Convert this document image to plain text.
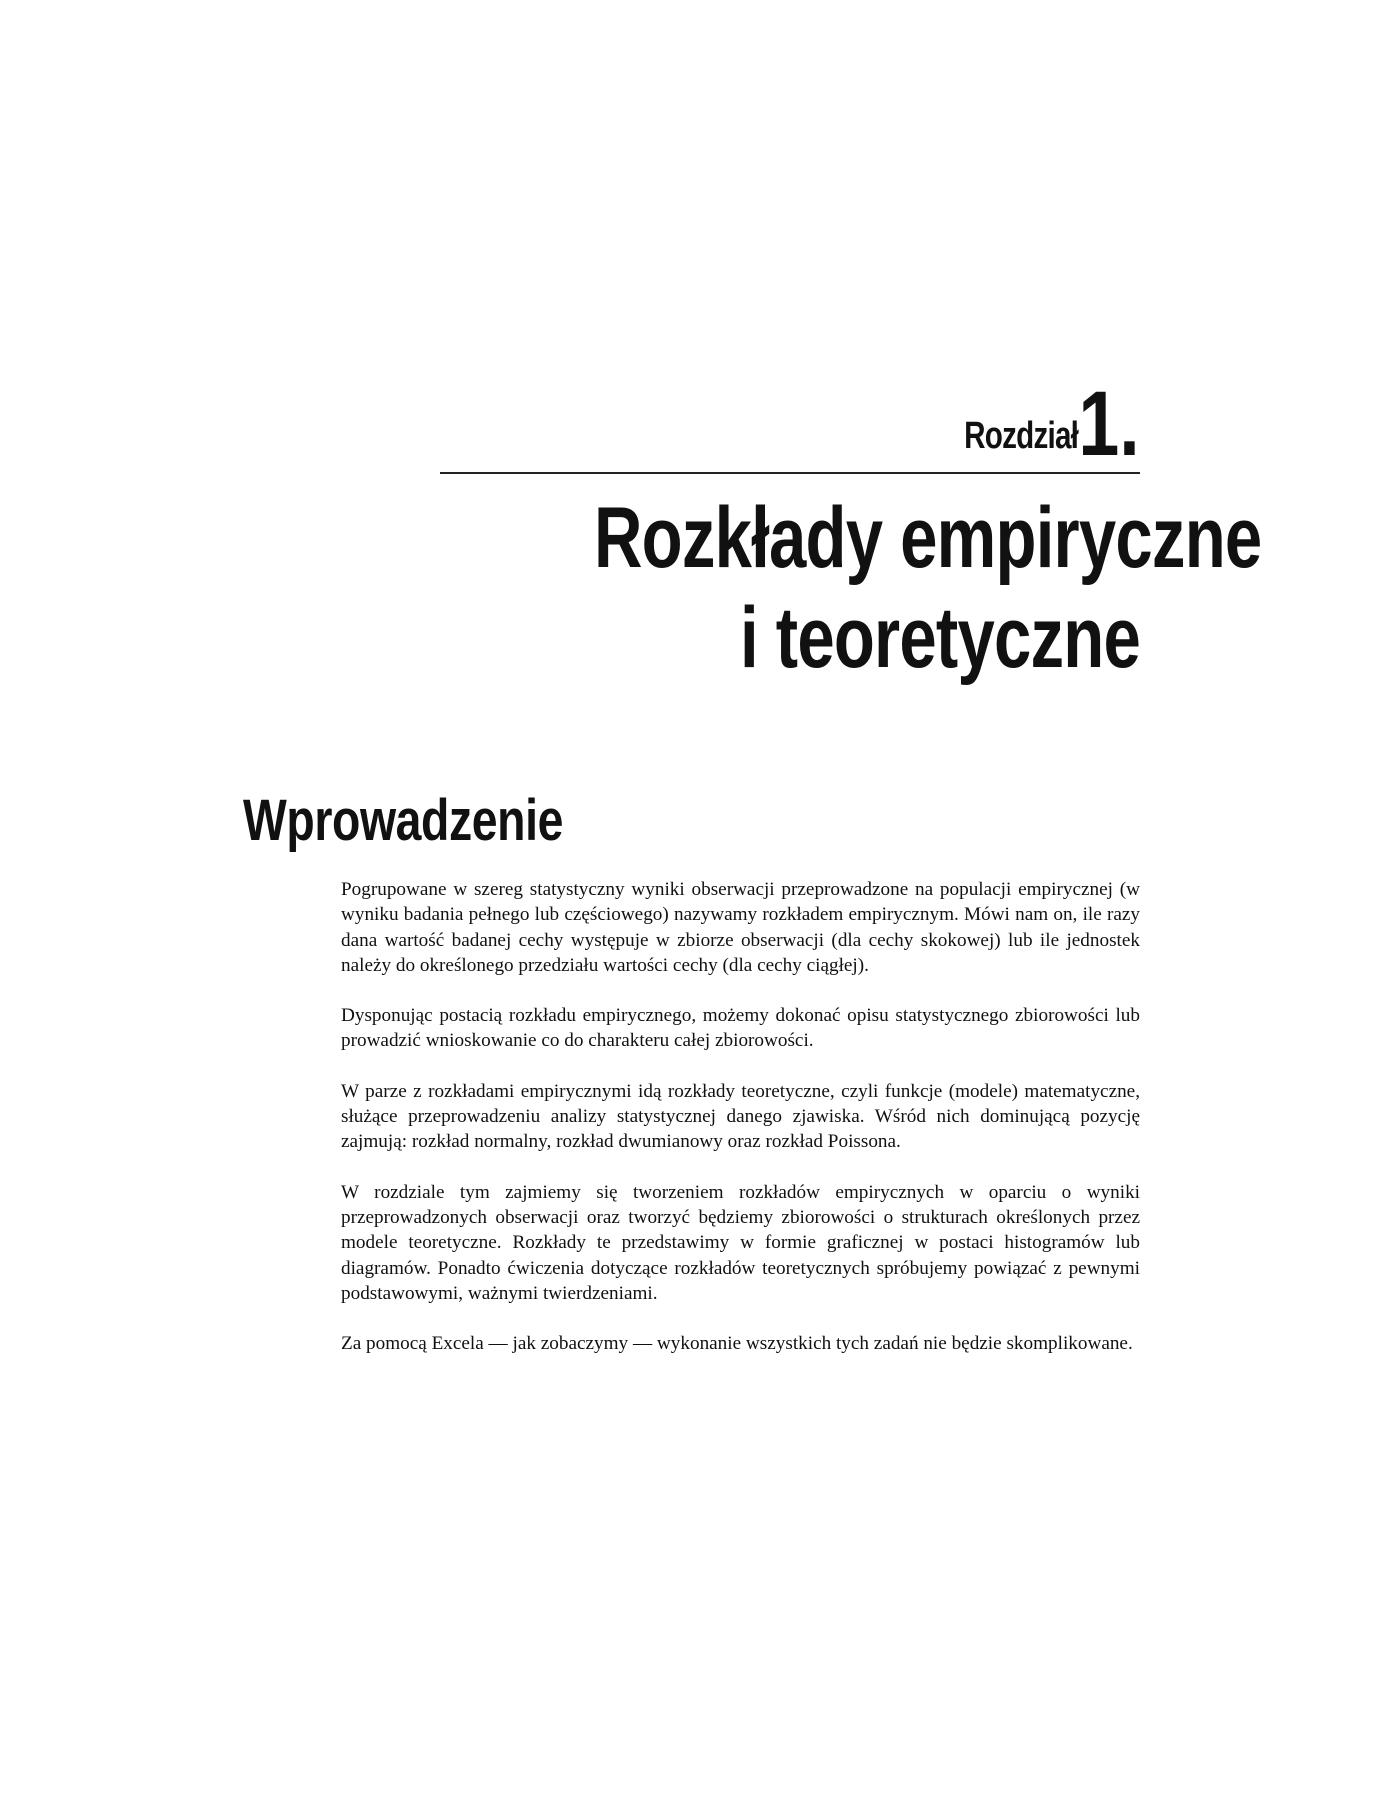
Rozdział 1.
Rozkłady empiryczne
i teoretyczne
Wprowadzenie

Pogrupowane w szereg statystyczny wyniki obserwacji przeprowadzone na populacji empirycznej (w wyniku badania pełnego lub częściowego) nazywamy rozkładem empirycznym. Mówi nam on, ile razy dana wartość badanej cechy występuje w zbiorze obserwacji (dla cechy skokowej) lub ile jednostek należy do określonego przedziału wartości cechy (dla cechy ciągłej).

Dysponując postacią rozkładu empirycznego, możemy dokonać opisu statystycznego zbiorowości lub prowadzić wnioskowanie co do charakteru całej zbiorowości.

W parze z rozkładami empirycznymi idą rozkłady teoretyczne, czyli funkcje (modele) matematyczne, służące przeprowadzeniu analizy statystycznej danego zjawiska. Wśród nich dominującą pozycję zajmują: rozkład normalny, rozkład dwumianowy oraz rozkład Poissona.

W rozdziale tym zajmiemy się tworzeniem rozkładów empirycznych w oparciu o wyniki przeprowadzonych obserwacji oraz tworzyć będziemy zbiorowości o strukturach określonych przez modele teoretyczne. Rozkłady te przedstawimy w formie graficznej w postaci histogramów lub diagramów. Ponadto ćwiczenia dotyczące rozkładów teoretycznych spróbujemy powiązać z pewnymi podstawowymi, ważnymi twierdzeniami.

Za pomocą Excela — jak zobaczymy — wykonanie wszystkich tych zadań nie będzie skomplikowane.
